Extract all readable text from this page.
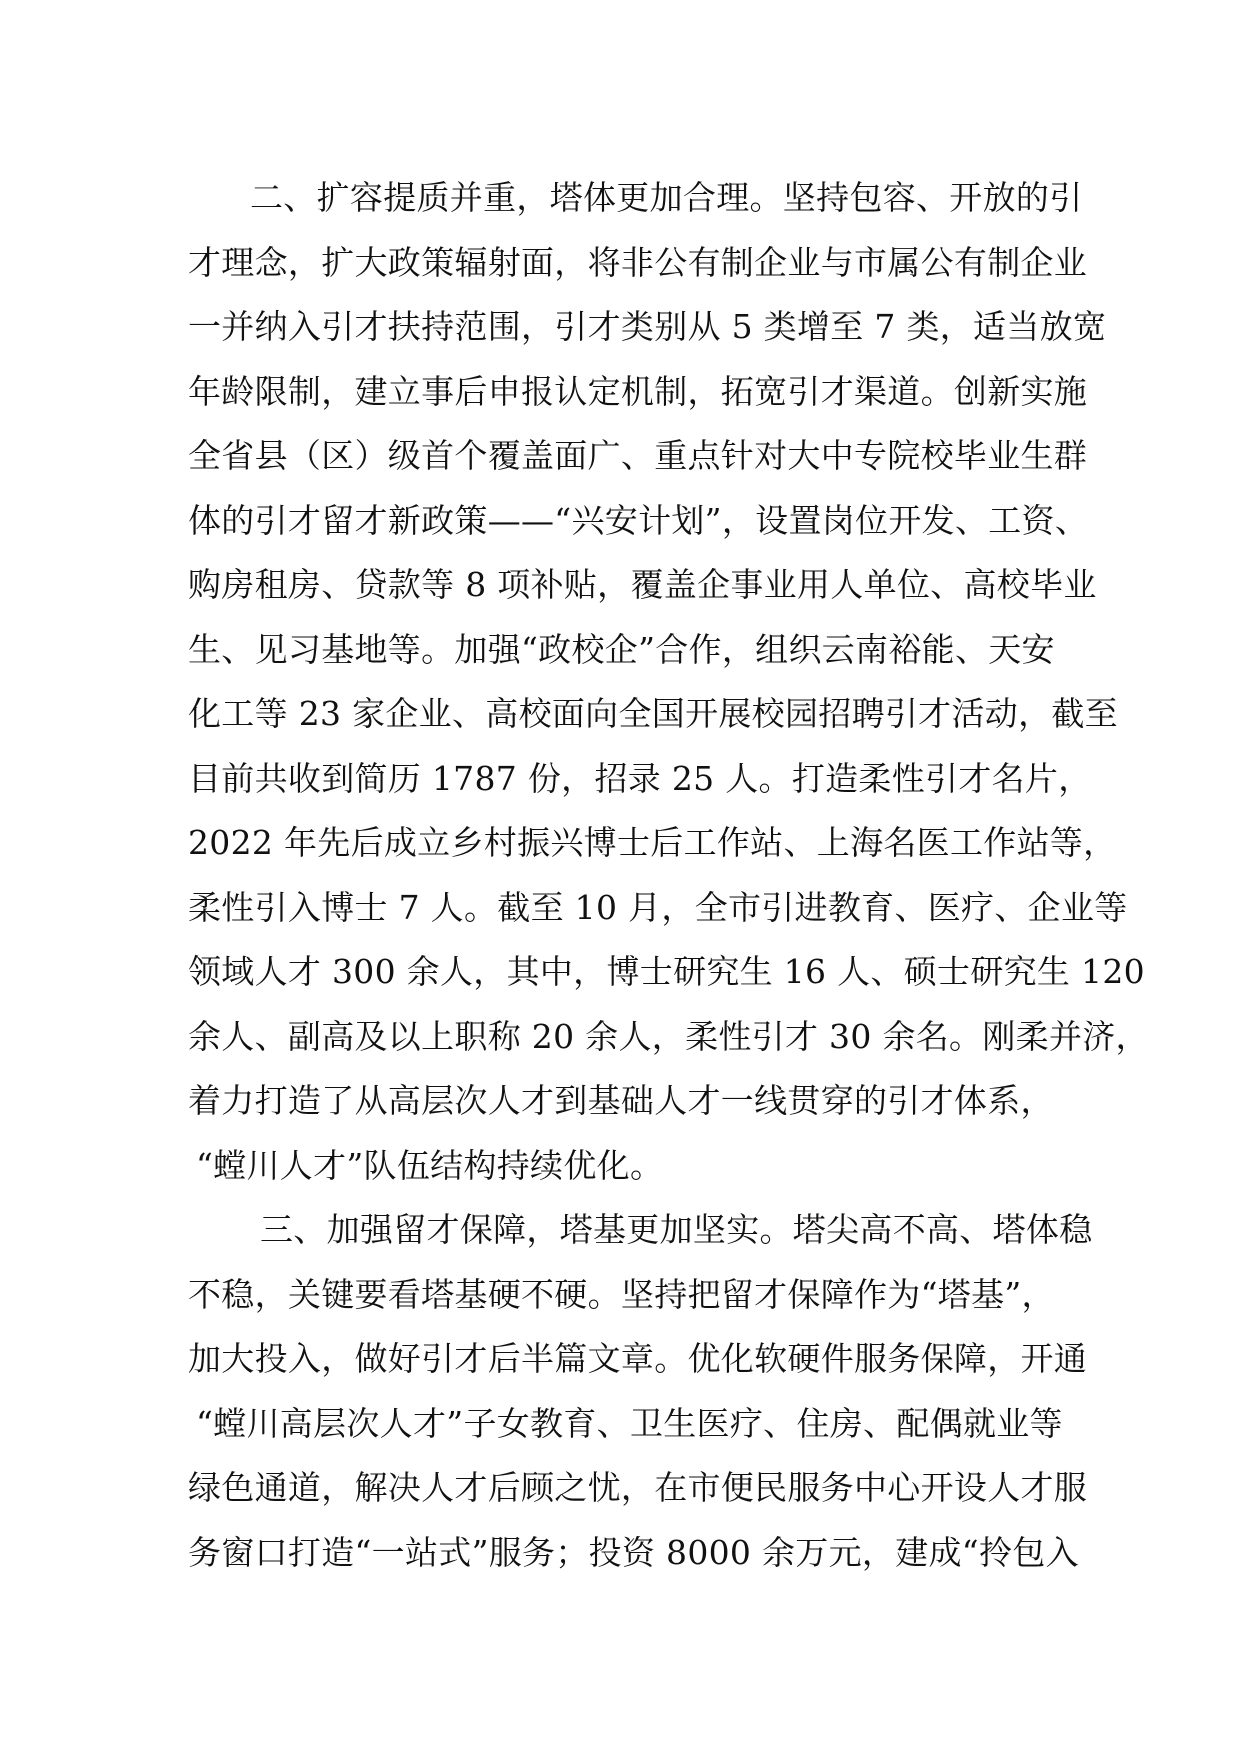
二、扩容提质并重，塔体更加合理。坚持包容、开放的引
才理念，扩大政策辐射面，将非公有制企业与市属公有制企业
一并纳入引才扶持范围，引才类别从 5 类增至 7 类，适当放宽
年龄限制，建立事后申报认定机制，拓宽引才渠道。创新实施
全省县（区）级首个覆盖面广、重点针对大中专院校毕业生群
体的引才留才新政策——“兴安计划”，设置岗位开发、工资、
购房租房、贷款等 8 项补贴，覆盖企事业用人单位、高校毕业
生、见习基地等。加强“政校企”合作，组织云南裕能、天安
化工等 23 家企业、高校面向全国开展校园招聘引才活动，截至
目前共收到简历 1787 份，招录 25 人。打造柔性引才名片，
2022 年先后成立乡村振兴博士后工作站、上海名医工作站等，
柔性引入博士 7 人。截至 10 月，全市引进教育、医疗、企业等
领域人才 300 余人，其中，博士研究生 16 人、硕士研究生 120
余人、副高及以上职称 20 余人，柔性引才 30 余名。刚柔并济，
着力打造了从高层次人才到基础人才一线贯穿的引才体系，
“螳川人才”队伍结构持续优化。
三、加强留才保障，塔基更加坚实。塔尖高不高、塔体稳
不稳，关键要看塔基硬不硬。坚持把留才保障作为“塔基”，
加大投入，做好引才后半篇文章。优化软硬件服务保障，开通
“螳川高层次人才”子女教育、卫生医疗、住房、配偶就业等
绿色通道，解决人才后顾之忧，在市便民服务中心开设人才服
务窗口打造“一站式”服务；投资 8000 余万元，建成“拎包入
